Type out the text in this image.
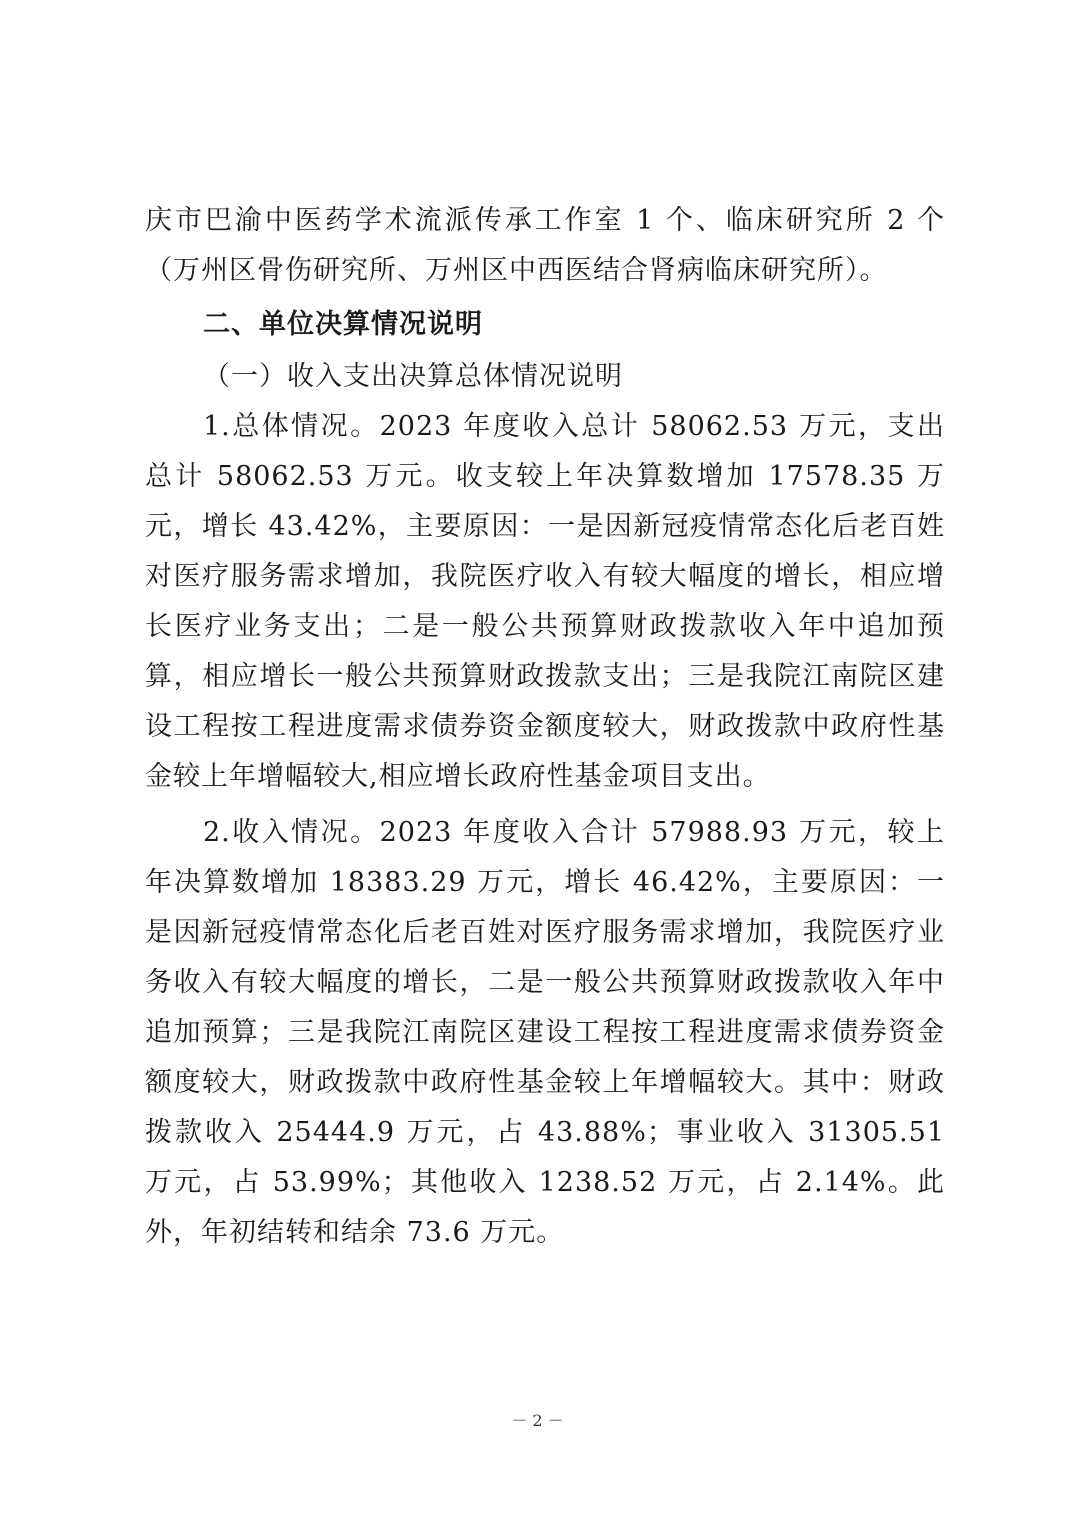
庆市巴渝中医药学术流派传承工作室 1 个、临床研究所 2 个（万州区骨伤研究所、万州区中西医结合肾病临床研究所）。

二、单位决算情况说明

（一）收入支出决算总体情况说明

1.总体情况。2023 年度收入总计 58062.53 万元，支出总计 58062.53 万元。收支较上年决算数增加 17578.35 万元，增长 43.42%，主要原因：一是因新冠疫情常态化后老百姓对医疗服务需求增加，我院医疗收入有较大幅度的增长，相应增长医疗业务支出；二是一般公共预算财政拨款收入年中追加预算，相应增长一般公共预算财政拨款支出；三是我院江南院区建设工程按工程进度需求债券资金额度较大，财政拨款中政府性基金较上年增幅较大,相应增长政府性基金项目支出。

2.收入情况。2023 年度收入合计 57988.93 万元，较上年决算数增加 18383.29 万元，增长 46.42%，主要原因：一是因新冠疫情常态化后老百姓对医疗服务需求增加，我院医疗业务收入有较大幅度的增长，二是一般公共预算财政拨款收入年中追加预算；三是我院江南院区建设工程按工程进度需求债券资金额度较大，财政拨款中政府性基金较上年增幅较大。其中：财政拨款收入 25444.9 万元，占 43.88%；事业收入 31305.51 万元，占 53.99%；其他收入 1238.52 万元，占 2.14%。此外，年初结转和结余 73.6 万元。

－ 2 －
